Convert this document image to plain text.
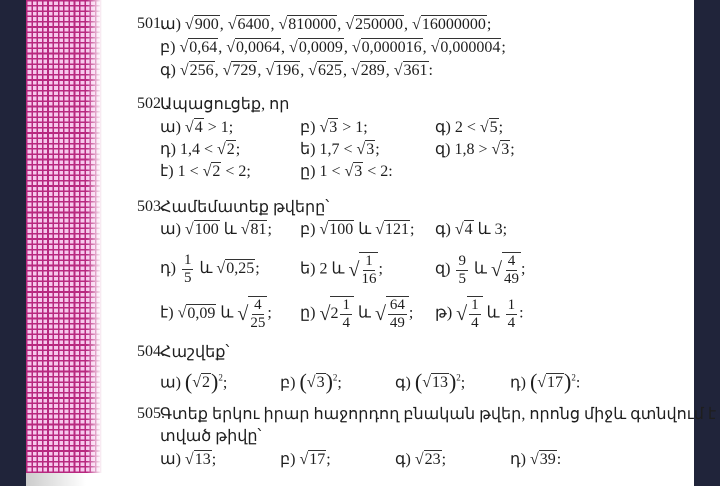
501.
502.
Ապացուցեք, որ
503.
Համեմատեք թվերը՝
504.
Հաշվեք՝
505.
Գտեք երկու իրար հաջորդող բնական թվեր, որոնց միջև գտնվում է
տված թիվը՝
ա) √900, √6400, √810000, √250000, √16000000;
բ) √0,64, √0,0064, √0,0009, √0,000016, √0,000004;
գ) √256, √729, √196, √625, √289, √361:
ա) √4 > 1;	բ) √3 > 1;	գ) 2 < √5;
դ) 1,4 < √2;	ե) 1,7 < √3;	զ) 1,8 > √3;
է) 1 < √2 < 2;	ը) 1 < √3 < 2:
ա) √100 և √81; բ) √100 և √121; գ) √4 և 3;
դ) $\frac{1}{5}$ և √0,25;	ե) 2 և √ $\frac{1}{16}$ ;	զ) $\frac{9}{5}$ և √ $\frac{4}{49}$ ;
է) √0,09 և √ $\frac{4}{25}$ ; ը) √ $2 \frac{1}{4}$ և √ $\frac{64}{49}$ ; թ) √ $\frac{1}{4}$ և $\frac{1}{4}$ :
ա) $(√2)^2$;	բ) $(√3)^2$;	գ) $(√13)^2$;	դ) $(√17)^2$:
ա) √13;	բ) √17;	գ) √23;	դ) √39:
